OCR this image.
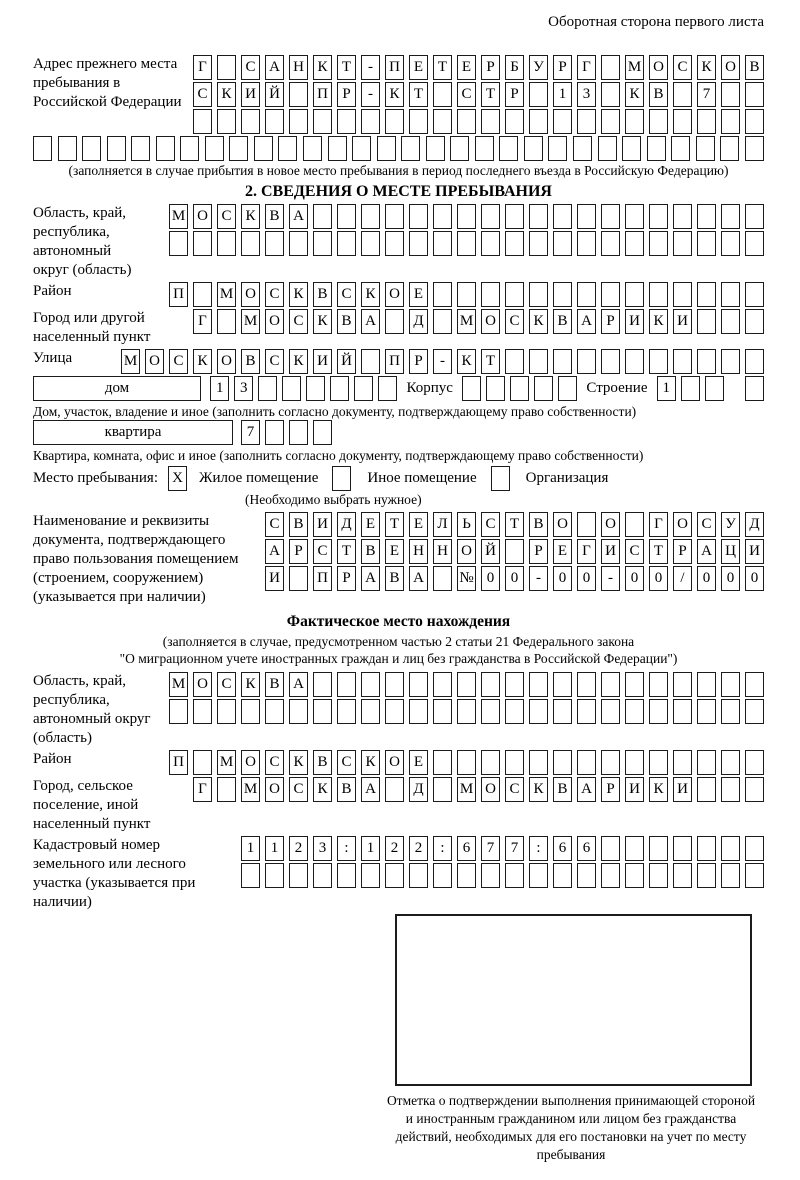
Оборотная сторона первого листа
Адрес прежнего места пребывания в Российской Федерации
Г	С А Н К Т	-	П Е Т Е	Р	Б У Р	Г	М О С К О В
С К И Й П Р	-	К Т	С Т	Р	1	3	К В	7
(заполняется в случае прибытия в новое место пребывания в период последнего въезда в Российскую Федерацию)
2. СВЕДЕНИЯ О МЕСТЕ ПРЕБЫВАНИЯ
Область, край, республика, автономный округ (область)
М О С К В А
Район	П М О С К В С К О Е
Город или другой населенный пункт
Г	М О С К В А Д М О С К В А Р И К И
Улица	М О С К О В С К И Й П Р	-	К Т
дом	1	3	Корпус	Строение 1
Дом, участок, владение и иное (заполнить согласно документу, подтверждающему право собственности)
квартира	7
Квартира, комната, офис и иное (заполнить согласно документу, подтверждающему право собственности)
Место пребывания: X Жилое помещение	Иное помещение	Организация
(Необходимо выбрать нужное)
Наименование и реквизиты документа, подтверждающего право пользования помещением (строением, сооружением) (указывается при наличии)
С В И Д Е Т Е Л Ь С Т В О О	Г О С У Д
А Р С Т В Е Н Н О Й	Р	Е	Г И С Т	Р А Ц И
И П Р А В А № 0	0	-	0	0	-	0	0	/	0	0	0
Фактическое место нахождения
(заполняется в случае, предусмотренном частью 2 статьи 21 Федерального закона
"О миграционном учете иностранных граждан и лиц без гражданства в Российской Федерации")
Область, край, республика, автономный округ (область)
М О С К В А
Район	П М О С К В С К О Е
Город, сельское поселение, иной населенный пункт
Г	М О С К В А Д М О С К В А Р И К И
Кадастровый номер земельного или лесного участка (указывается при наличии)
1	1	2	3	:	1	2	2	:	6	7	7	:	6	6
Отметка о подтверждении выполнения принимающей стороной и иностранным гражданином или лицом без гражданства действий, необходимых для его постановки на учет по месту пребывания
